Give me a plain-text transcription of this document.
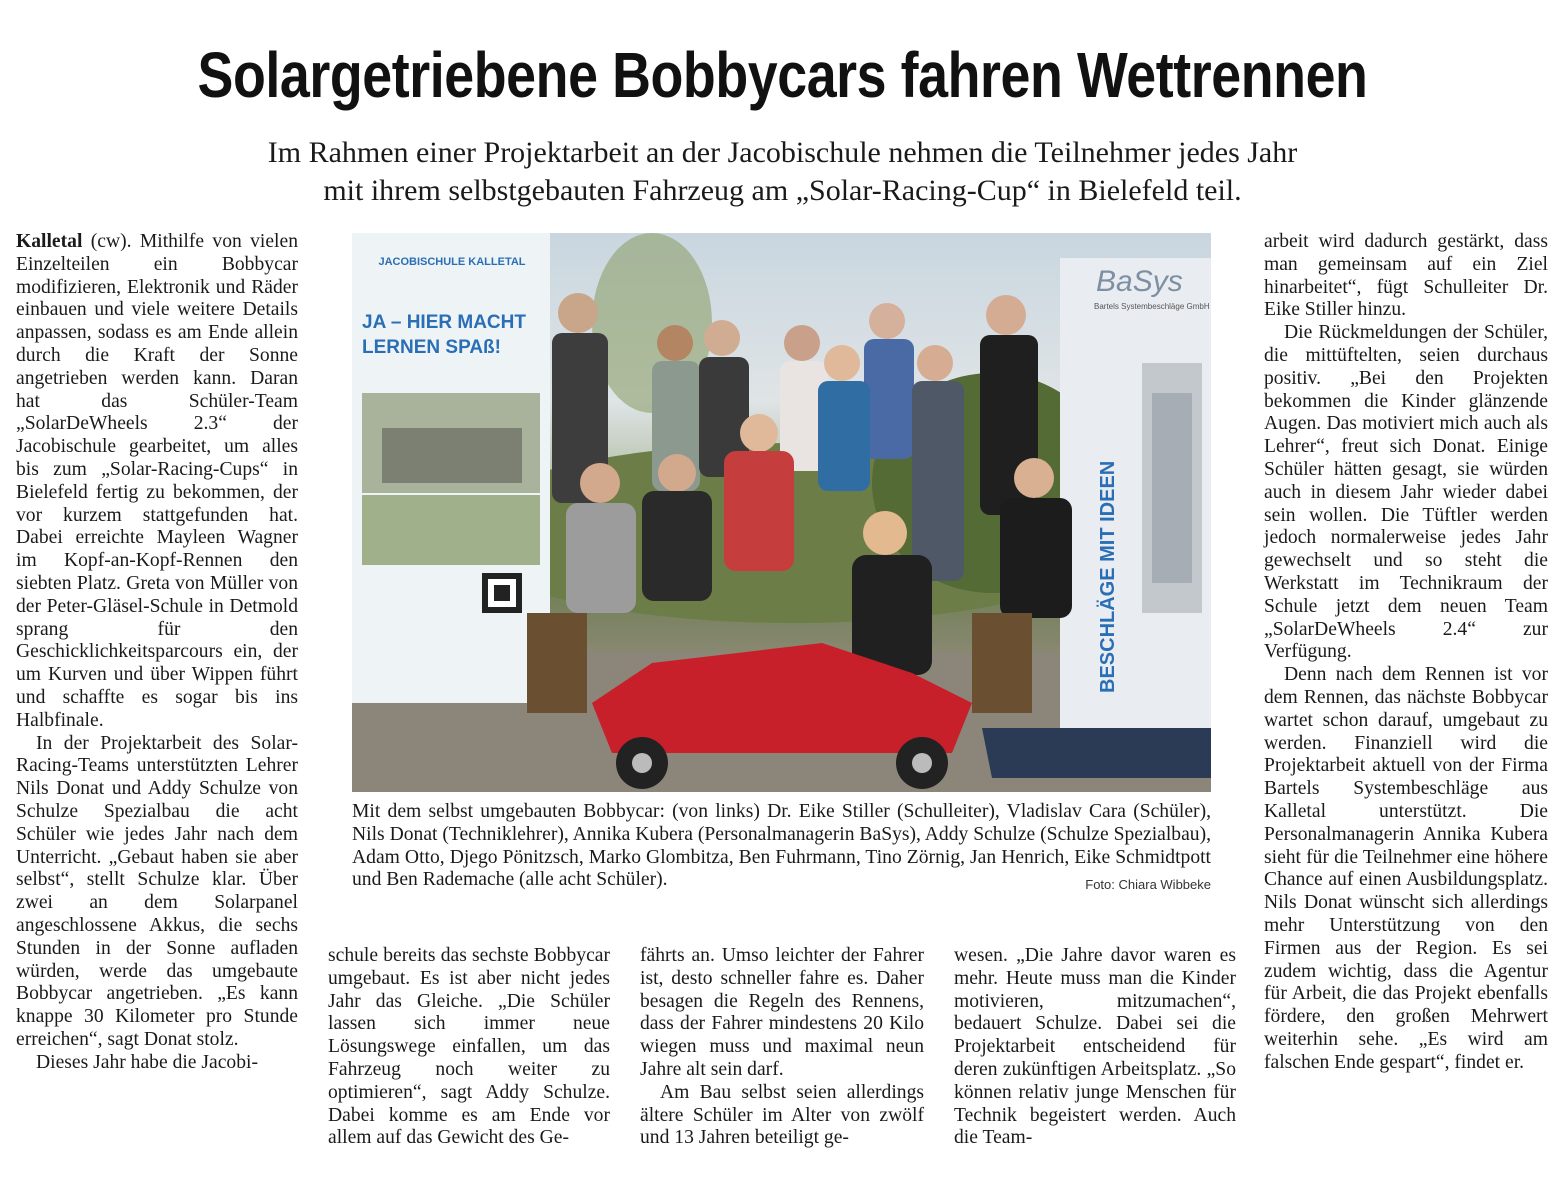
Solargetriebene Bobbycars fahren Wettrennen
Im Rahmen einer Projektarbeit an der Jacobischule nehmen die Teilnehmer jedes Jahr
mit ihrem selbstgebauten Fahrzeug am „Solar-Racing-Cup“ in Bielefeld teil.

Kalletal (cw). Mithilfe von vielen Einzelteilen ein Bobbycar modifizieren, Elektronik und Räder einbauen und viele weitere Details anpassen, sodass es am Ende allein durch die Kraft der Sonne angetrieben werden kann. Daran hat das Schüler-Team „SolarDeWheels 2.3“ der Jacobischule gearbeitet, um alles bis zum „Solar-Racing-Cups“ in Bielefeld fertig zu bekommen, der vor kurzem stattgefunden hat. Dabei erreichte Mayleen Wagner im Kopf-an-Kopf-Rennen den siebten Platz. Greta von Müller von der Peter-Gläsel-Schule in Detmold sprang für den Geschicklichkeitsparcours ein, der um Kurven und über Wippen führt und schaffte es sogar bis ins Halbfinale.

In der Projektarbeit des Solar-Racing-Teams unterstützten Lehrer Nils Donat und Addy Schulze von Schulze Spezialbau die acht Schüler wie jedes Jahr nach dem Unterricht. „Gebaut haben sie aber selbst“, stellt Schulze klar. Über zwei an dem Solarpanel angeschlossene Akkus, die sechs Stunden in der Sonne aufladen würden, werde das umgebaute Bobbycar angetrieben. „Es kann knappe 30 Kilometer pro Stunde erreichen“, sagt Donat stolz.

Dieses Jahr habe die Jacobi-

schule bereits das sechste Bobbycar umgebaut. Es ist aber nicht jedes Jahr das Gleiche. „Die Schüler lassen sich immer neue Lösungswege einfallen, um das Fahrzeug noch weiter zu optimieren“, sagt Addy Schulze. Dabei komme es am Ende vor allem auf das Gewicht des Ge-

fährts an. Umso leichter der Fahrer ist, desto schneller fahre es. Daher besagen die Regeln des Rennens, dass der Fahrer mindestens 20 Kilo wiegen muss und maximal neun Jahre alt sein darf.

Am Bau selbst seien allerdings ältere Schüler im Alter von zwölf und 13 Jahren beteiligt ge-

wesen. „Die Jahre davor waren es mehr. Heute muss man die Kinder motivieren, mitzumachen“, bedauert Schulze. Dabei sei die Projektarbeit entscheidend für deren zukünftigen Arbeitsplatz. „So können relativ junge Menschen für Technik begeistert werden. Auch die Team-

arbeit wird dadurch gestärkt, dass man gemeinsam auf ein Ziel hinarbeitet“, fügt Schulleiter Dr. Eike Stiller hinzu.

Die Rückmeldungen der Schüler, die mittüftelten, seien durchaus positiv. „Bei den Projekten bekommen die Kinder glänzende Augen. Das motiviert mich auch als Lehrer“, freut sich Donat. Einige Schüler hätten gesagt, sie würden auch in diesem Jahr wieder dabei sein wollen. Die Tüftler werden jedoch normalerweise jedes Jahr gewechselt und so steht die Werkstatt im Technikraum der Schule jetzt dem neuen Team „SolarDeWheels 2.4“ zur Verfügung.

Denn nach dem Rennen ist vor dem Rennen, das nächste Bobbycar wartet schon darauf, umgebaut zu werden. Finanziell wird die Projektarbeit aktuell von der Firma Bartels Systembeschläge aus Kalletal unterstützt. Die Personalmanagerin Annika Kubera sieht für die Teilnehmer eine höhere Chance auf einen Ausbildungsplatz. Nils Donat wünscht sich allerdings mehr Unterstützung von den Firmen aus der Region. Es sei zudem wichtig, dass die Agentur für Arbeit, die das Projekt ebenfalls fördere, den großen Mehrwert weiterhin sehe. „Es wird am falschen Ende gespart“, findet er.

JACOBISCHULE KALLETAL
JA – HIER MACHT
LERNEN SPAß!
BaSys
Bartels Systembeschläge GmbH
BESCHLÄGE MIT IDEEN
Mit dem selbst umgebauten Bobbycar: (von links) Dr. Eike Stiller (Schulleiter), Vladislav Cara (Schüler), Nils Donat (Techniklehrer), Annika Kubera (Personalmanagerin BaSys), Addy Schulze (Schulze Spezialbau), Adam Otto, Djego Pönitzsch, Marko Glombitza, Ben Fuhrmann, Tino Zörnig, Jan Henrich, Eike Schmidtpott und Ben Rademache (alle acht Schüler).	Foto: Chiara Wibbeke
